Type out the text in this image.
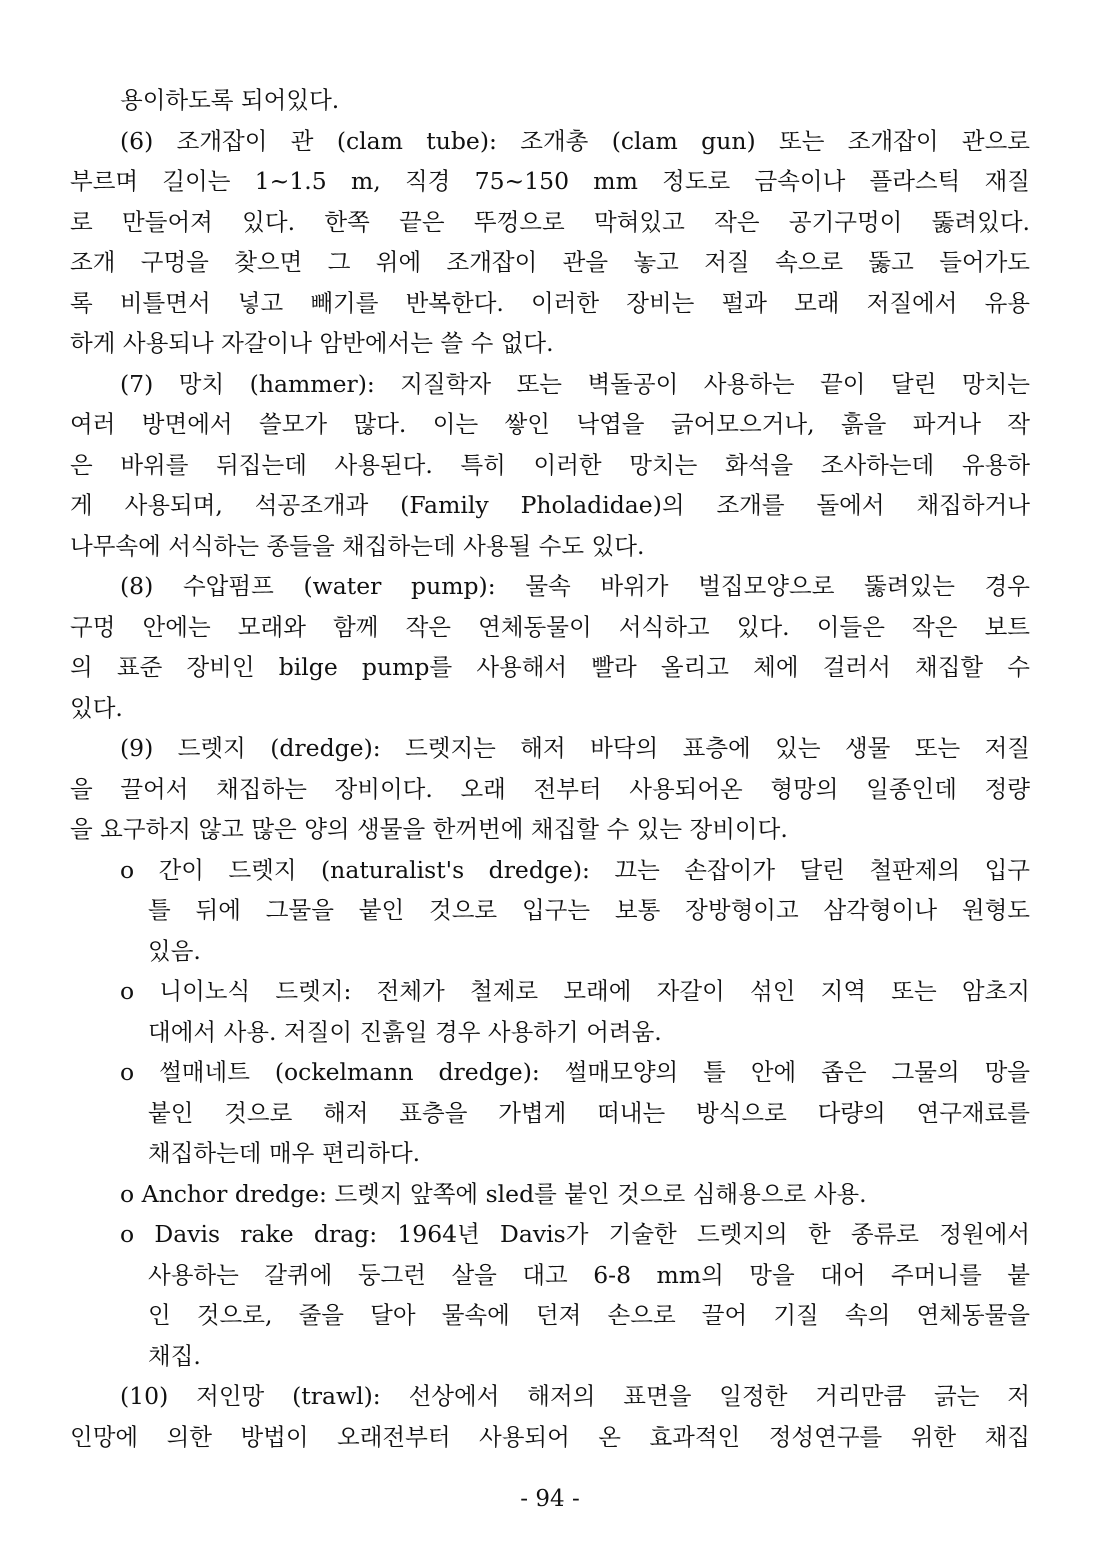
용이하도록 되어있다.
(6) 조개잡이 관 (clam tube): 조개총 (clam gun) 또는 조개잡이 관으로
부르며 길이는 1~1.5 m, 직경 75~150 mm 정도로 금속이나 플라스틱 재질
로 만들어져 있다. 한쪽 끝은 뚜껑으로 막혀있고 작은 공기구멍이 뚫려있다.
조개 구멍을 찾으면 그 위에 조개잡이 관을 놓고 저질 속으로 뚫고 들어가도
록 비틀면서 넣고 빼기를 반복한다. 이러한 장비는 펄과 모래 저질에서 유용
하게 사용되나 자갈이나 암반에서는 쓸 수 없다.
(7) 망치 (hammer): 지질학자 또는 벽돌공이 사용하는 끝이 달린 망치는
여러 방면에서 쓸모가 많다. 이는 쌓인 낙엽을 긁어모으거나, 흙을 파거나 작
은 바위를 뒤집는데 사용된다. 특히 이러한 망치는 화석을 조사하는데 유용하
게 사용되며, 석공조개과 (Family Pholadidae)의 조개를 돌에서 채집하거나
나무속에 서식하는 종들을 채집하는데 사용될 수도 있다.
(8) 수압펌프 (water pump): 물속 바위가 벌집모양으로 뚫려있는 경우
구멍 안에는 모래와 함께 작은 연체동물이 서식하고 있다. 이들은 작은 보트
의 표준 장비인 bilge pump를 사용해서 빨라 올리고 체에 걸러서 채집할 수
있다.
(9) 드렛지 (dredge): 드렛지는 해저 바닥의 표층에 있는 생물 또는 저질
을 끌어서 채집하는 장비이다. 오래 전부터 사용되어온 형망의 일종인데 정량
을 요구하지 않고 많은 양의 생물을 한꺼번에 채집할 수 있는 장비이다.
o 간이 드렛지 (naturalist's dredge): 끄는 손잡이가 달린 철판제의 입구
틀 뒤에 그물을 붙인 것으로 입구는 보통 장방형이고 삼각형이나 원형도
있음.
o 니이노식 드렛지: 전체가 철제로 모래에 자갈이 섞인 지역 또는 암초지
대에서 사용. 저질이 진흙일 경우 사용하기 어려움.
o 썰매네트 (ockelmann dredge): 썰매모양의 틀 안에 좁은 그물의 망을
붙인 것으로 해저 표층을 가볍게 떠내는 방식으로 다량의 연구재료를
채집하는데 매우 편리하다.
o Anchor dredge: 드렛지 앞쪽에 sled를 붙인 것으로 심해용으로 사용.
o Davis rake drag: 1964년 Davis가 기술한 드렛지의 한 종류로 정원에서
사용하는 갈퀴에 둥그런 살을 대고 6-8 mm의 망을 대어 주머니를 붙
인 것으로, 줄을 달아 물속에 던져 손으로 끌어 기질 속의 연체동물을
채집.
(10) 저인망 (trawl): 선상에서 해저의 표면을 일정한 거리만큼 긁는 저
인망에 의한 방법이 오래전부터 사용되어 온 효과적인 정성연구를 위한 채집
- 94 -
